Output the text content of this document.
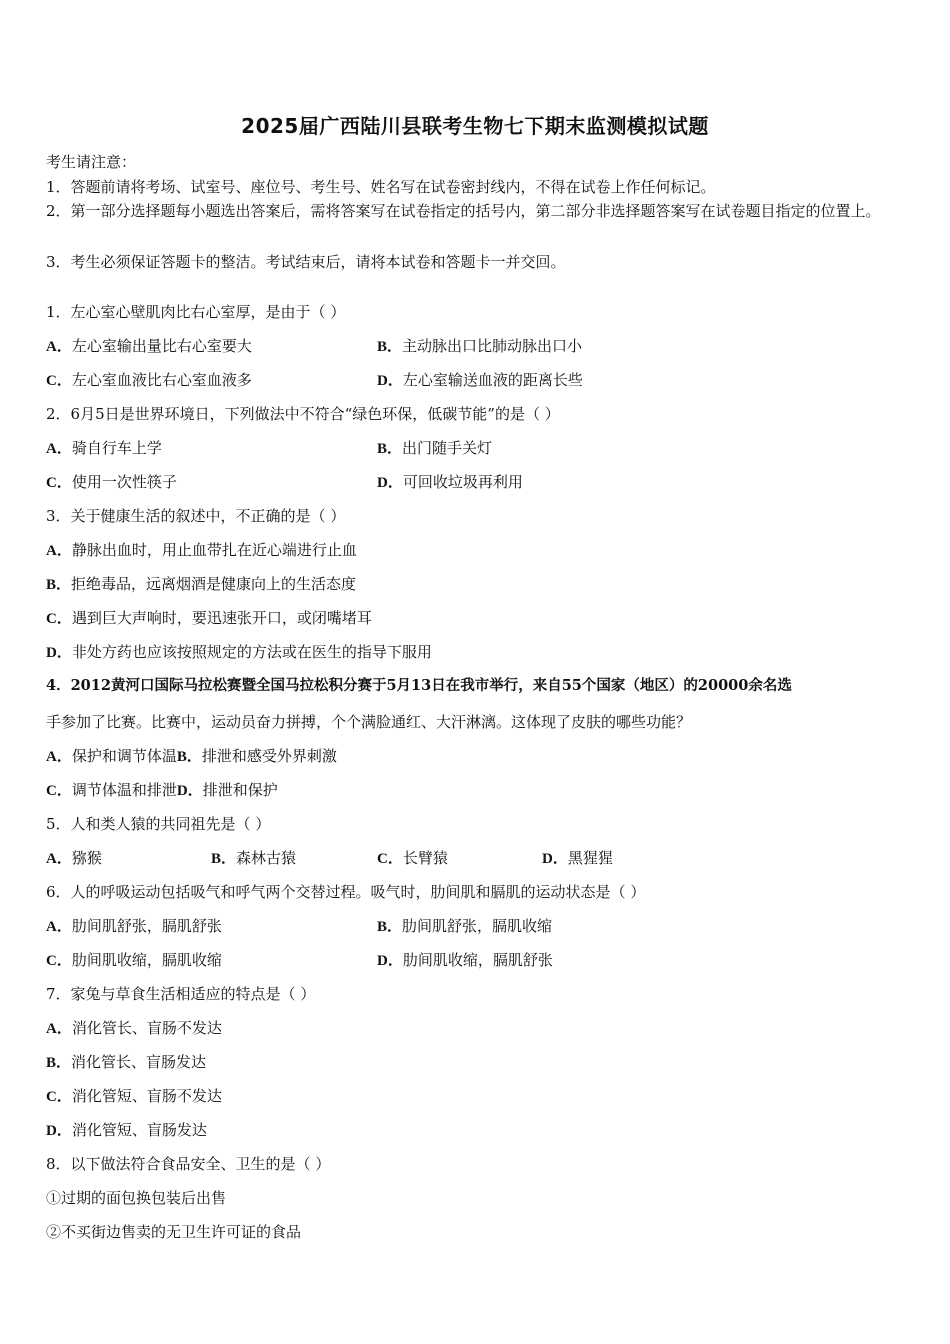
2025届广西陆川县联考生物七下期末监测模拟试题
考生请注意：
1．答题前请将考场、试室号、座位号、考生号、姓名写在试卷密封线内，不得在试卷上作任何标记。
2．第一部分选择题每小题选出答案后，需将答案写在试卷指定的括号内，第二部分非选择题答案写在试卷题目指定的位置上。
3．考生必须保证答题卡的整洁。考试结束后，请将本试卷和答题卡一并交回。
1．左心室心壁肌肉比右心室厚，是由于（ ）
A．左心室输出量比右心室要大	B．主动脉出口比肺动脉出口小
C．左心室血液比右心室血液多	D．左心室输送血液的距离长些
2．6月5日是世界环境日，下列做法中不符合“绿色环保，低碳节能”的是（ ）
A．骑自行车上学	B．出门随手关灯
C．使用一次性筷子	D．可回收垃圾再利用
3．关于健康生活的叙述中，不正确的是（ ）
A．静脉出血时，用止血带扎在近心端进行止血
B．拒绝毒品，远离烟酒是健康向上的生活态度
C．遇到巨大声响时，要迅速张开口，或闭嘴堵耳
D．非处方药也应该按照规定的方法或在医生的指导下服用
4．2012黄河口国际马拉松赛暨全国马拉松积分赛于5月13日在我市举行，来自55个国家（地区）的20000余名选
手参加了比赛。比赛中，运动员奋力拼搏，个个满脸通红、大汗淋漓。这体现了皮肤的哪些功能？
A．保护和调节体温B．排泄和感受外界刺激
C．调节体温和排泄D．排泄和保护
5．人和类人猿的共同祖先是（ ）
A．猕猴	B．森林古猿	C．长臂猿	D．黑猩猩
6．人的呼吸运动包括吸气和呼气两个交替过程。吸气时，肋间肌和膈肌的运动状态是（ ）
A．肋间肌舒张，膈肌舒张	B．肋间肌舒张，膈肌收缩
C．肋间肌收缩，膈肌收缩	D．肋间肌收缩，膈肌舒张
7．家兔与草食生活相适应的特点是（ ）
A．消化管长、盲肠不发达
B．消化管长、盲肠发达
C．消化管短、盲肠不发达
D．消化管短、盲肠发达
8．以下做法符合食品安全、卫生的是（ ）
①过期的面包换包装后出售
②不买街边售卖的无卫生许可证的食品
